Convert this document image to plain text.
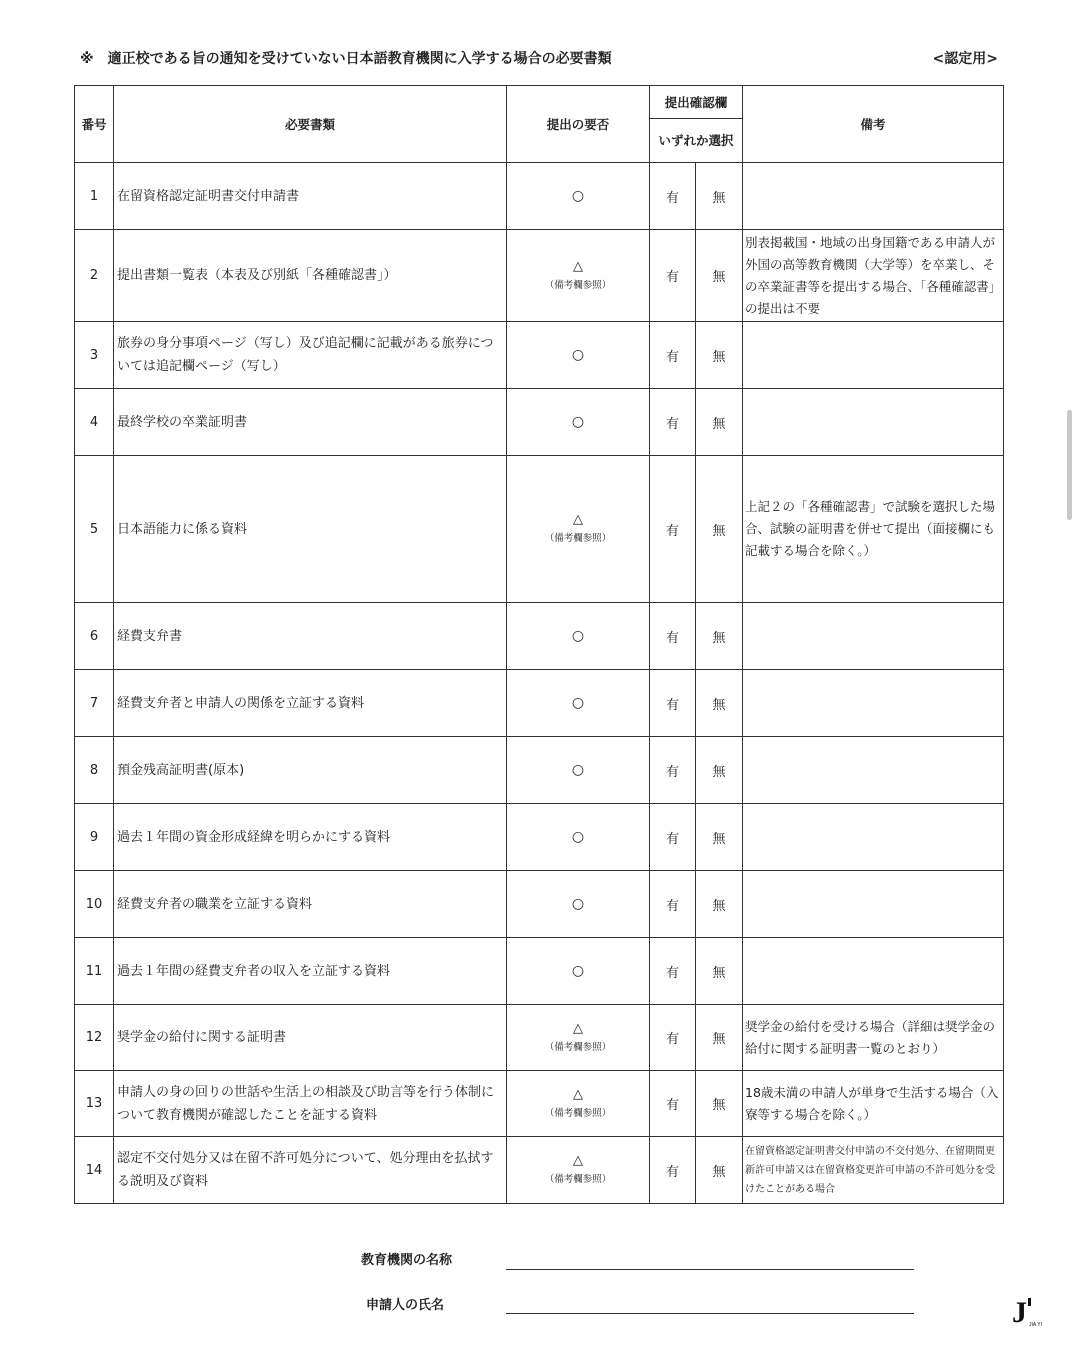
※ 適正校である旨の通知を受けていない日本語教育機関に入学する場合の必要書類	<認定用>
番号	必要書類	提出の要否	提出確認欄		備考
			いずれか選択		
1	在留資格認定証明書交付申請書	○	有	無	
2	提出書類一覧表（本表及び別紙「各種確認書」）	△
（備考欄参照）	有	無	別表掲載国・地域の出身国籍である申請人が外国の高等教育機関（大学等）を卒業し、その卒業証書等を提出する場合、「各種確認書」の提出は不要
3	旅券の身分事項ページ（写し）及び追記欄に記載がある旅券については追記欄ページ（写し）	○	有	無	
4	最終学校の卒業証明書	○	有	無	
5	日本語能力に係る資料	△
（備考欄参照）	有	無	上記２の「各種確認書」で試験を選択した場合、試験の証明書を併せて提出（面接欄にも記載する場合を除く。）
6	経費支弁書	○	有	無	
7	経費支弁者と申請人の関係を立証する資料	○	有	無	
8	預金残高証明書(原本)	○	有	無	
9	過去１年間の資金形成経緯を明らかにする資料	○	有	無	
10	経費支弁者の職業を立証する資料	○	有	無	
11	過去１年間の経費支弁者の収入を立証する資料	○	有	無	
12	奨学金の給付に関する証明書	△
（備考欄参照）	有	無	奨学金の給付を受ける場合（詳細は奨学金の給付に関する証明書一覧のとおり）
13	申請人の身の回りの世話や生活上の相談及び助言等を行う体制について教育機関が確認したことを証する資料	△
（備考欄参照）	有	無	18歳未満の申請人が単身で生活する場合（入寮等する場合を除く。）
14	認定不交付処分又は在留不許可処分について、処分理由を払拭する説明及び資料	△
（備考欄参照）	有	無	在留資格認定証明書交付申請の不交付処分、在留期間更新許可申請又は在留資格変更許可申請の不許可処分を受けたことがある場合
教育機関の名称
申請人の氏名	J JIA YI
